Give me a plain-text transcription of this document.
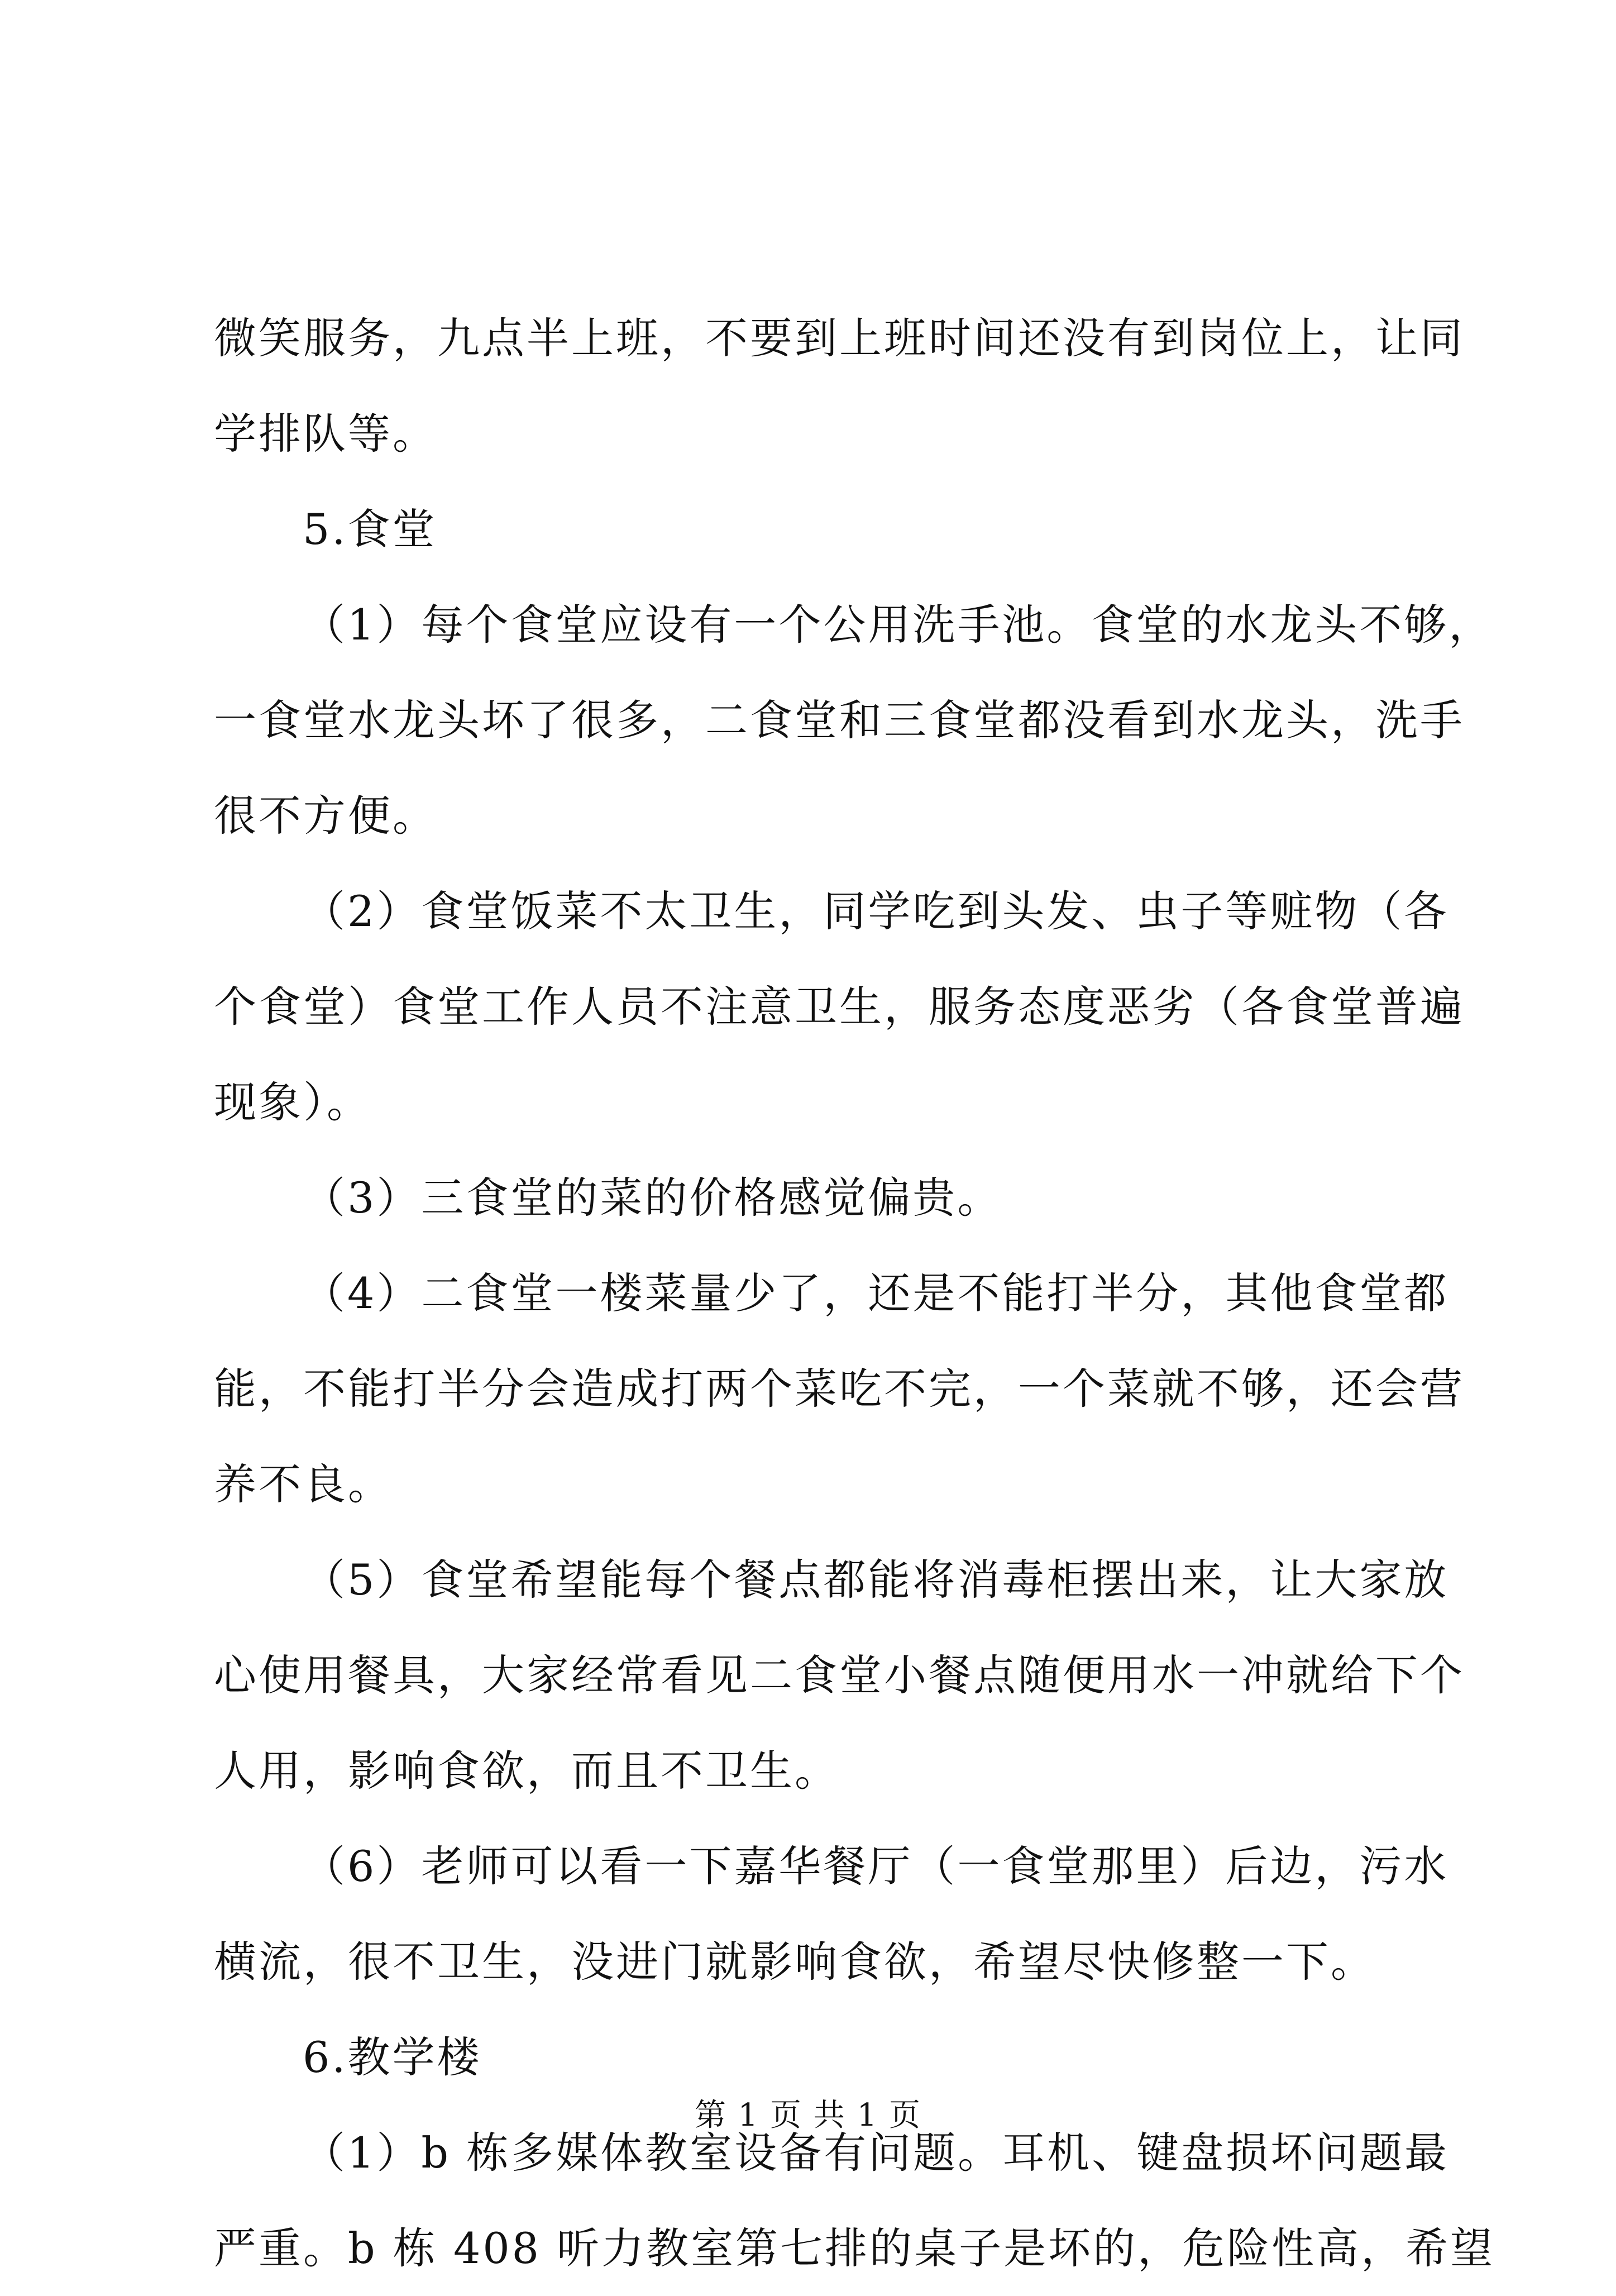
微笑服务，九点半上班，不要到上班时间还没有到岗位上，让同
学排队等。
5.食堂
（1）每个食堂应设有一个公用洗手池。食堂的水龙头不够，
一食堂水龙头坏了很多，二食堂和三食堂都没看到水龙头，洗手
很不方便。
（2）食堂饭菜不太卫生，同学吃到头发、虫子等赃物（各
个食堂）食堂工作人员不注意卫生，服务态度恶劣（各食堂普遍
现象）。
（3）三食堂的菜的价格感觉偏贵。
（4）二食堂一楼菜量少了，还是不能打半分，其他食堂都
能，不能打半分会造成打两个菜吃不完，一个菜就不够，还会营
养不良。
（5）食堂希望能每个餐点都能将消毒柜摆出来，让大家放
心使用餐具，大家经常看见二食堂小餐点随便用水一冲就给下个
人用，影响食欲，而且不卫生。
（6）老师可以看一下嘉华餐厅（一食堂那里）后边，污水
横流，很不卫生，没进门就影响食欲，希望尽快修整一下。
6.教学楼
（1）b 栋多媒体教室设备有问题。耳机、键盘损坏问题最
严重。b 栋 408 听力教室第七排的桌子是坏的，危险性高，希望
第 1 页 共 1 页
